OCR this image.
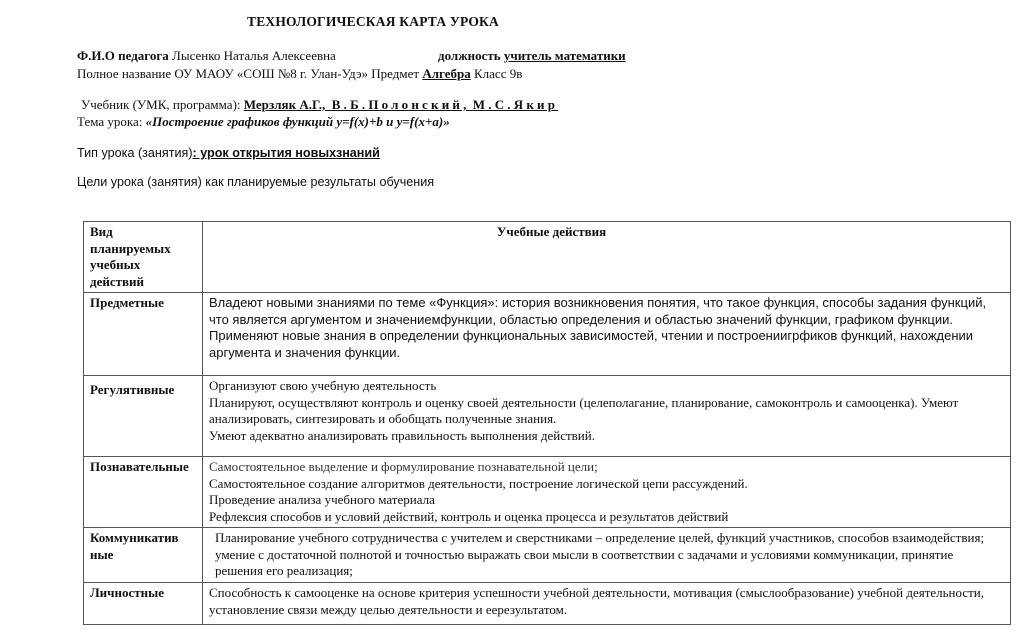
ТЕХНОЛОГИЧЕСКАЯ КАРТА УРОКА
Ф.И.О педагога Лысенко Наталья Алексеевна	должность учитель математики
Полное название ОУ МАОУ «СОШ №8 г. Улан-Удэ» Предмет Алгебра Класс 9в
Учебник (УМК, программа): Мерзляк А.Г., В.Б.Полонский, М.С.Якир
Тема урока: «Построение графиков функций y=f(x)+b и y=f(x+a)»
Тип урока (занятия): урок открытия новыхзнаний
Цели урока (занятия) как планируемые результаты обучения
Вид планируемых учебных действий	Учебные действия

Предметные	Владеют новыми знаниями по теме «Функция»: история возникновения понятия, что такое функция, способы задания функций, что является аргументом и значениемфункции, областью определения и областью значений функции, графиком функции.
Применяют новые знания в определении функциональных зависимостей, чтении и построениигрфиков функций, нахождении аргумента и значения функции.

Регулятивные	Организуют свою учебную деятельность
Планируют, осуществляют контроль и оценку своей деятельности (целеполагание, планирование, самоконтроль и самооценка). Умеют анализировать, синтезировать и обобщать полученные знания.
Умеют адекватно анализировать правильность выполнения действий.

Познавательные	Самостоятельное выделение и формулирование познавательной цели;
Самостоятельное создание алгоритмов деятельности, построение логической цепи рассуждений.
Проведение анализа учебного материала
Рефлексия способов и условий действий, контроль и оценка процесса и результатов действий

Коммуникатив ные	Планирование учебного сотрудничества с учителем и сверстниками – определение целей, функций участников, способов взаимодействия; умение с достаточной полнотой и точностью выражать свои мысли в соответствии с задачами и условиями коммуникации, принятие решения его реализация;

Личностные	Способность к самооценке на основе критерия успешности учебной деятельности, мотивация (смыслообразование) учебной деятельности, установление связи между целью деятельности и еерезультатом.
